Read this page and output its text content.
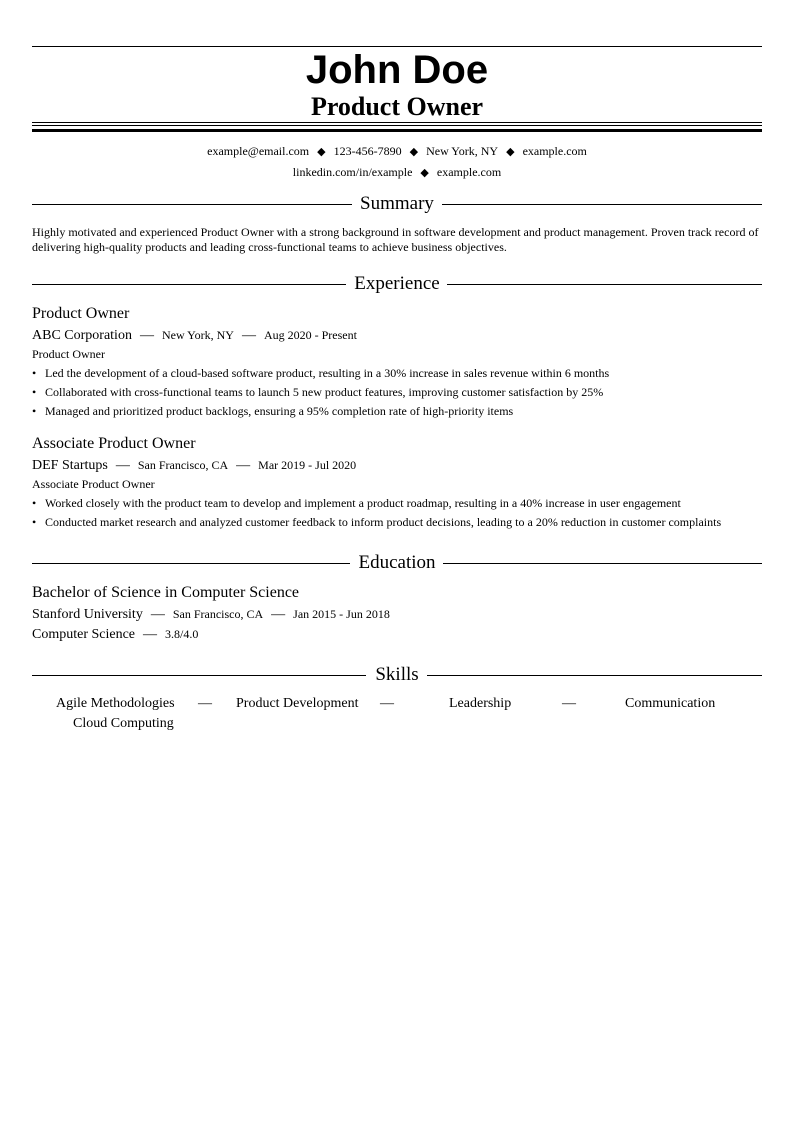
John Doe
Product Owner
example@email.com ◆ 123-456-7890 ◆ New York, NY ◆ example.com
linkedin.com/in/example ◆ example.com
Summary
Highly motivated and experienced Product Owner with a strong background in software development and product management. Proven track record of delivering high-quality products and leading cross-functional teams to achieve business objectives.
Experience
Product Owner
ABC Corporation — New York, NY — Aug 2020 - Present
Product Owner
• Led the development of a cloud-based software product, resulting in a 30% increase in sales revenue within 6 months
• Collaborated with cross-functional teams to launch 5 new product features, improving customer satisfaction by 25%
• Managed and prioritized product backlogs, ensuring a 95% completion rate of high-priority items
Associate Product Owner
DEF Startups — San Francisco, CA — Mar 2019 - Jul 2020
Associate Product Owner
• Worked closely with the product team to develop and implement a product roadmap, resulting in a 40% increase in user engagement
• Conducted market research and analyzed customer feedback to inform product decisions, leading to a 20% reduction in customer complaints
Education
Bachelor of Science in Computer Science
Stanford University — San Francisco, CA — Jan 2015 - Jun 2018
Computer Science — 3.8/4.0
Skills
Agile Methodologies — Product Development —	Leadership	—	Communication
Cloud Computing
